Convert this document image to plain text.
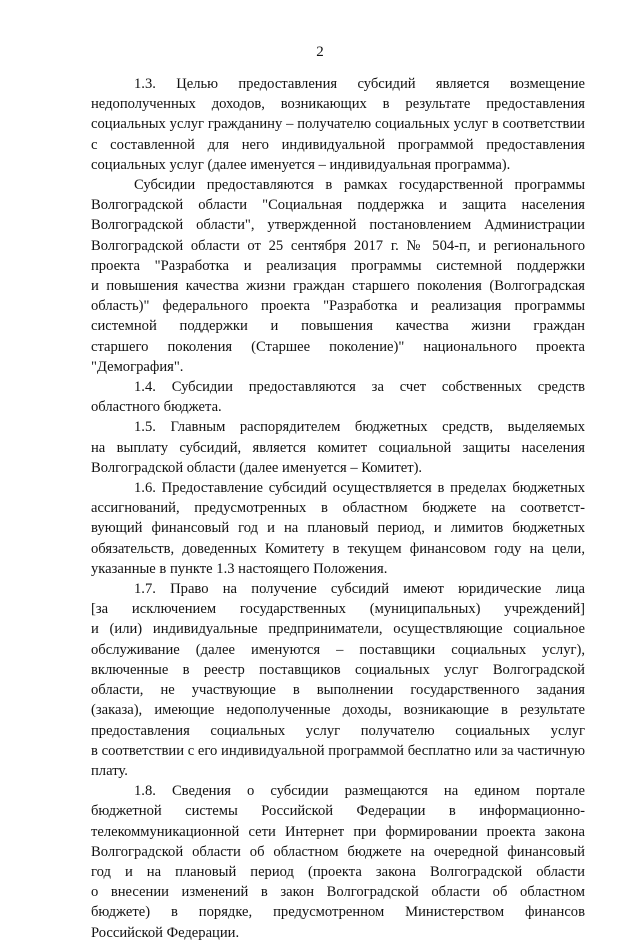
2

1.3. Целью предоставления субсидий является возмещение
недополученных доходов, возникающих в результате предоставления
социальных услуг гражданину – получателю социальных услуг в соответствии
с составленной для него индивидуальной программой предоставления
социальных услуг (далее именуется – индивидуальная программа).

Субсидии предоставляются в рамках государственной программы
Волгоградской области "Социальная поддержка и защита населения
Волгоградской области", утвержденной постановлением Администрации
Волгоградской области от 25 сентября 2017 г. № 504-п, и регионального
проекта "Разработка и реализация программы системной поддержки
и повышения качества жизни граждан старшего поколения (Волгоградская
область)" федерального проекта "Разработка и реализация программы
системной поддержки и повышения качества жизни граждан
старшего поколения (Старшее поколение)" национального проекта
"Демография".

1.4. Субсидии предоставляются за счет собственных средств
областного бюджета.

1.5. Главным распорядителем бюджетных средств, выделяемых
на выплату субсидий, является комитет социальной защиты населения
Волгоградской области (далее именуется – Комитет).

1.6. Предоставление субсидий осуществляется в пределах бюджетных
ассигнований, предусмотренных в областном бюджете на соответст-
вующий финансовый год и на плановый период, и лимитов бюджетных
обязательств, доведенных Комитету в текущем финансовом году на цели,
указанные в пункте 1.3 настоящего Положения.

1.7. Право на получение субсидий имеют юридические лица
[за исключением государственных (муниципальных) учреждений]
и (или) индивидуальные предприниматели, осуществляющие социальное
обслуживание (далее именуются – поставщики социальных услуг),
включенные в реестр поставщиков социальных услуг Волгоградской
области, не участвующие в выполнении государственного задания
(заказа), имеющие недополученные доходы, возникающие в результате
предоставления социальных услуг получателю социальных услуг
в соответствии с его индивидуальной программой бесплатно или за частичную
плату.

1.8. Сведения о субсидии размещаются на едином портале
бюджетной системы Российской Федерации в информационно-
телекоммуникационной сети Интернет при формировании проекта закона
Волгоградской области об областном бюджете на очередной финансовый
год и на плановый период (проекта закона Волгоградской области
о внесении изменений в закон Волгоградской области об областном
бюджете) в порядке, предусмотренном Министерством финансов
Российской Федерации.
